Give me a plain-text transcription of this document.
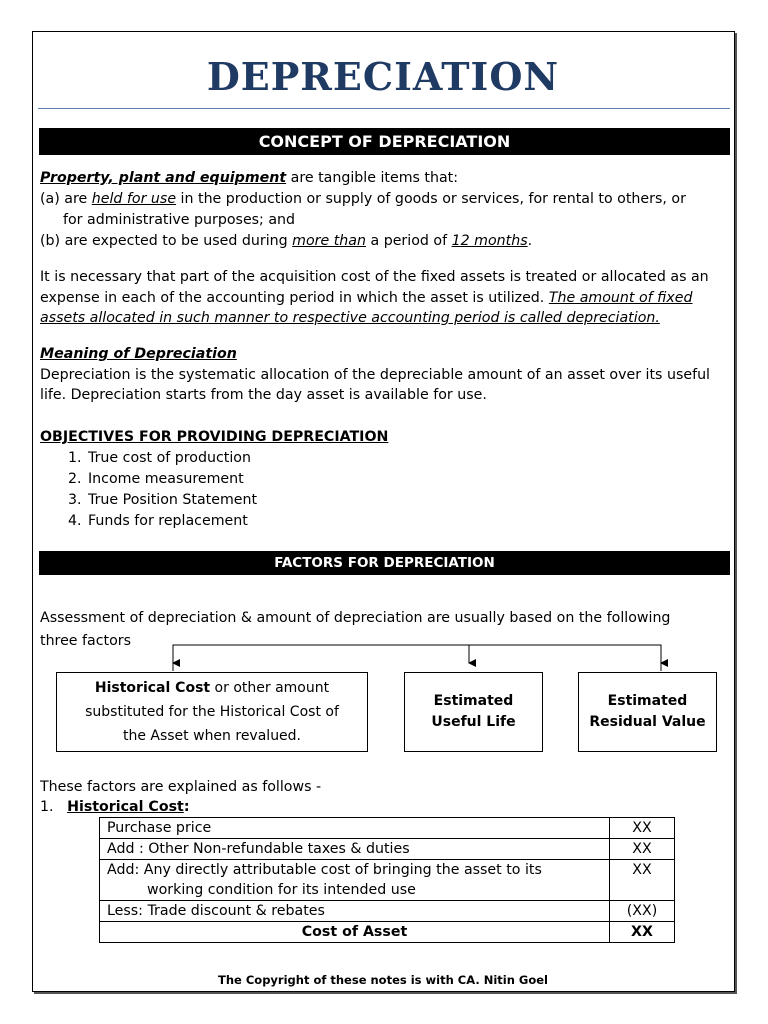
DEPRECIATION
CONCEPT OF DEPRECIATION
Property, plant and equipment are tangible items that:
(a) are held for use in the production or supply of goods or services, for rental to others, or
for administrative purposes; and
(b) are expected to be used during more than a period of 12 months.
It is necessary that part of the acquisition cost of the fixed assets is treated or allocated as an
expense in each of the accounting period in which the asset is utilized. The amount of fixed
assets allocated in such manner to respective accounting period is called depreciation.
Meaning of Depreciation
Depreciation is the systematic allocation of the depreciable amount of an asset over its useful
life. Depreciation starts from the day asset is available for use.
OBJECTIVES FOR PROVIDING DEPRECIATION
1. True cost of production
2. Income measurement
3. True Position Statement
4. Funds for replacement
FACTORS FOR DEPRECIATION
Assessment of depreciation & amount of depreciation are usually based on the following
three factors
Historical Cost or other amount
substituted for the Historical Cost of
the Asset when revalued.
Estimated
Useful Life
Estimated
Residual Value
These factors are explained as follows -
1. Historical Cost:
Purchase price	XX
Add : Other Non-refundable taxes & duties	XX
Add: Any directly attributable cost of bringing the asset to its
working condition for its intended use	XX
Less: Trade discount & rebates	(XX)
Cost of Asset	XX
The Copyright of these notes is with CA. Nitin Goel
